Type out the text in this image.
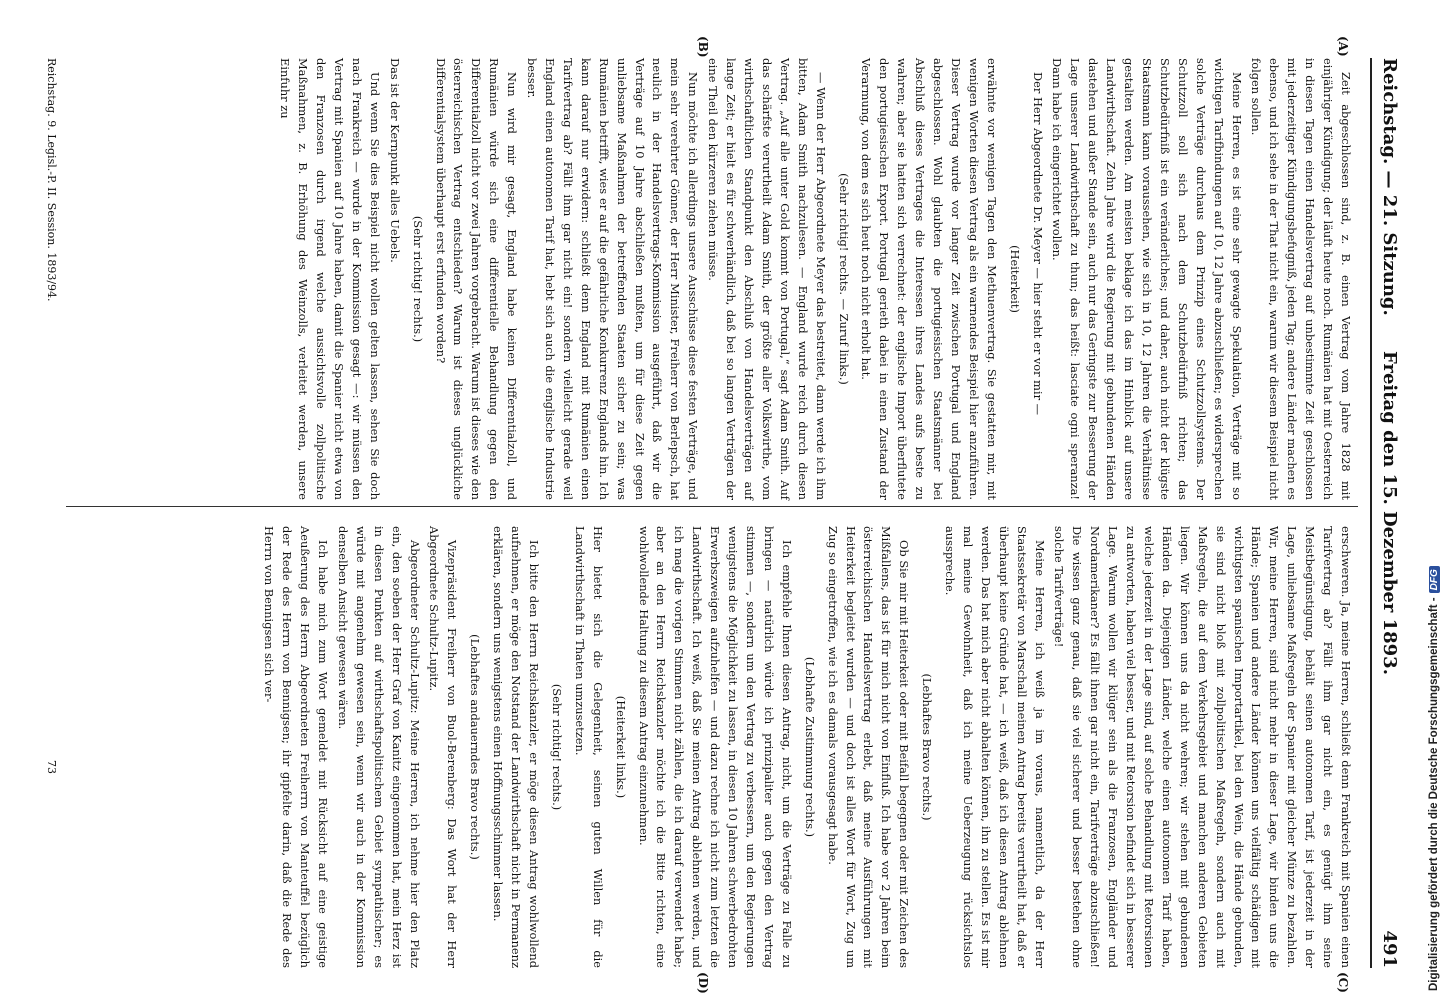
Reichstag. — 21. Sitzung.
Freitag den 15. Dezember 1893.
491
(A)
(B)
(C)
(D)

Zeit abgeschlossen sind, z. B. einen Vertrag vom Jahre 1828 mit einjähriger Kündigung; der läuft heute noch. Rumänien hat mit Oesterreich in diesen Tagen einen Handelsvertrag auf unbestimmte Zeit geschlossen mit jederzeitiger Kündigungsbefugniß, jeden Tag; andere Länder machen es ebenso, und ich sehe in der That nicht ein, warum wir diesem Beispiel nicht folgen sollen.

Meine Herren, es ist eine sehr gewagte Spekulation, Verträge mit so wichtigen Tarifbindungen auf 10, 12 Jahre abzuschließen; es widersprechen solche Verträge durchaus dem Prinzip eines Schutzzollsystems. Der Schutzzoll soll sich nach dem Schutzbedürfniß richten; das Schutzbedürfniß ist ein veränderliches; und daher, auch nicht der klügste Staatsmann kann voraussehen, wie sich in 10, 12 Jahren die Verhältnisse gestalten werden. Am meisten beklage ich das im Hinblick auf unsere Landwirthschaft. Zehn Jahre wird die Regierung mit gebundenen Händen dastehen und außer Stande sein, auch nur das Geringste zur Besserung der Lage unserer Landwirthschaft zu thun; das heißt: lasciate ogni speranza! Dann habe ich eingerichtet wollen.

Der Herr Abgeordnete Dr. Meyer — hier steht er vor mir —

(Heiterkeit)

erwähnte vor wenigen Tagen den Methuenvertrag. Sie gestatten mir, mit wenigen Worten diesen Vertrag als ein warnendes Beispiel hier anzuführen. Dieser Vertrag wurde vor langer Zeit zwischen Portugal und England abgeschlossen. Wohl glaubten die portugiesischen Staatsmänner bei Abschluß dieses Vertrages die Interessen ihres Landes aufs beste zu wahren; aber sie hatten sich verrechnet: der englische Import überflutete den portugiesischen Export. Portugal gerieth dabei in einen Zustand der Verarmung, von dem es sich heut noch nicht erholt hat.

(Sehr richtig! rechts. — Zuruf links.)

— Wenn der Herr Abgeordnete Meyer das bestreitet, dann werde ich ihm bitten, Adam Smith nachzulesen. — England wurde reich durch diesen Vertrag. „Auf alle unter Gold kommt von Portugal,“ sagt Adam Smith. Auf das schärfste verurtheilt Adam Smith, der größte aller Volkswirthe, vom wirthschaftlichen Standpunkt den Abschluß von Handelsverträgen auf lange Zeit; er hielt es für schwerhändlich, daß bei so langen Verträgen der eine Theil den kürzeren ziehen müsse.

Nun möchte ich allerdings unsere Ausschüsse diese festen Verträge, und mein sehr verehrter Gönner, der Herr Minister, Freiherr von Berlepsch, hat neulich in der Handelsvertrags-Kommission ausgeführt, daß wir die Verträge auf 10 Jahre abschließen mußten, um für diese Zeit gegen unliebsame Maßnahmen der betreffenden Staaten sicher zu sein; was Rumänien betrifft, wies er auf die gefährliche Konkurrenz Englands hin. Ich kann darauf nur erwidern: schließt denn England mit Rumänien einen Tarifvertrag ab? Fällt ihm gar nicht ein! sondern vielleicht gerade weil England einen autonomen Tarif hat, hebt sich auch die englische Industrie besser.

Nun wird mir gesagt, England habe keinen Differentialzoll, und Rumänien würde sich eine differentielle Behandlung gegen den Differentialzoll nicht vor zwei Jahren vorgebracht. Warum ist dieses wie den österreichischen Vertrag entschieden? Warum ist dieses unglückliche Differentialsystem überhaupt erst erfunden worden?

(Sehr richtig! rechts.)

Das ist der Kernpunkt alles Uebels.

Und wenn Sie dies Beispiel nicht wollen gelten lassen, sehen Sie doch nach Frankreich — wurde in der Kommission gesagt —: wir müssen den Vertrag mit Spanien auf 10 Jahre haben, damit die Spanier nicht etwa von den Franzosen durch irgend welche aussichtsvolle zollpolitische Maßnahmen, z. B. Erhöhung des Weinzolls, verleitet werden, unsere Einfuhr zu

erschweren. Ja, meine Herren, schließt denn Frankreich mit Spanien einen Tarifvertrag ab? Fällt ihm gar nicht ein, es genügt ihm seine Meistbegünstigung, behält seinen autonomen Tarif, ist jederzeit in der Lage, unliebsame Maßregeln der Spanier mit gleicher Münze zu bezahlen. Wir, meine Herren, sind nicht mehr in dieser Lage, wir binden uns die Hände; Spanien und andere Länder können uns vielfältig schädigen mit wichtigsten spanischen Importartikel, bei den Wein, die Hände gebunden, sie sind nicht bloß mit zollpolitischen Maßregeln, sondern auch mit Maßregeln, die auf dem Verkehrsgebiet und manchen anderen Gebieten liegen. Wir können uns da nicht wehren; wir stehen mit gebundenen Händen da. Diejenigen Länder, welche einen autonomen Tarif haben, welche jederzeit in der Lage sind, auf solche Behandlung mit Retorsionen zu antworten, haben viel besser, und mit Retorsion befindet sich in besserer Lage. Warum wollen wir klüger sein als die Franzosen, Engländer und Nordamerikaner? Es fällt ihnen gar nicht ein, Tarifverträge abzuschließen! Die wissen ganz genau, daß sie viel sicherer und besser bestehen ohne solche Tarifverträge!

Meine Herren, ich weiß ja im voraus, namentlich, da der Herr Staatssekretär von Marschall meinen Antrag bereits verurtheilt hat, daß er überhaupt keine Gründe hat, — ich weiß, daß ich diesen Antrag ablehnen werden. Das hat mich aber nicht abhalten können, ihn zu stellen. Es ist mir mal meine Gewohnheit, daß ich meine Ueberzeugung rücksichtslos ausspreche.

(Lebhaftes Bravo rechts.)

Ob Sie mir mit Heiterkeit oder mit Beifall begegnen oder mit Zeichen des Mißfallens, das ist für mich nicht von Einfluß. Ich habe vor 2 Jahren beim österreichischen Handelsvertrag erlebt, daß meine Ausführungen mit Heiterkeit begleitet wurden — und doch ist alles Wort für Wort, Zug um Zug so eingetroffen, wie ich es damals vorausgesagt habe.

(Lebhafte Zustimmung rechts.)

Ich empfehle Ihnen diesen Antrag, nicht, um die Verträge zu Falle zu bringen — natürlich würde ich prinzipaliter auch gegen den Vertrag stimmen —, sondern um den Vertrag zu verbessern, um den Regierungen wenigstens die Möglichkeit zu lassen, in diesen 10 Jahren schwerbedrohten Erwerbszweigen aufzuhelfen — und dazu rechne ich nicht zum letzten die Landwirthschaft. Ich weiß, daß Sie meinen Antrag ablehnen werden, und ich mag die vorigen Stimmen nicht zählen, die ich darauf verwendet habe; aber an den Herrn Reichskanzler möchte ich die Bitte richten, eine wohlwollende Haltung zu diesem Antrag einzunehmen.

(Heiterkeit links.)

Hier bietet sich die Gelegenheit, seinen guten Willen für die Landwirthschaft in Thaten umzusetzen.

(Sehr richtig! rechts.)

Ich bitte den Herrn Reichskanzler, er möge diesen Antrag wohlwollend aufnehmen, er möge den Notstand der Landwirthschaft nicht in Permanenz erklären, sondern uns wenigstens einen Hoffnungsschimmer lassen.

(Lebhaftes andauerndes Bravo rechts.)

Vizepräsident Freiherr von Buol-Berenberg: Das Wort hat der Herr Abgeordnete Schultz-Lupitz.

Abgeordneter Schultz-Lupitz: Meine Herren, ich nehme hier den Platz ein, den soeben der Herr Graf von Kanitz eingenommen hat, mein Herz ist in diesen Punkten auf wirthschaftspolitischem Gebiet sympathischer; es würde mit angenehm gewesen sein, wenn wir auch in der Kommission denselben Ansicht gewesen wären.

Ich habe mich zum Wort gemeldet mit Rücksicht auf eine geistige Aeußerung des Herrn Abgeordneten Freiherrn von Manteuffel bezüglich der Rede des Herrn von Bennigsen; ihr gipfelte darin, daß die Rede des Herrn von Bennigsen sich ver-

Reichstag. 9. Legisl.-P. II. Session. 1893/94.
73	Digitalisierung gefördert durch die Deutsche Forschungsgemeinschaft -DFG
